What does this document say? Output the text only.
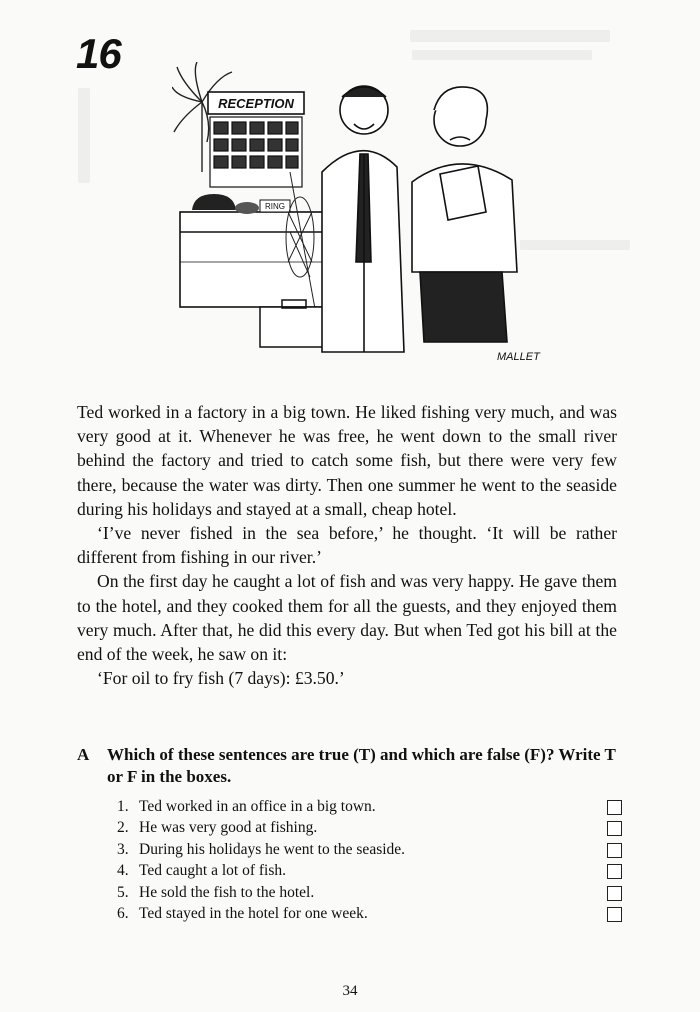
16
RECEPTION
RING
MALLET

Ted worked in a factory in a big town. He liked fishing very much, and was very good at it. Whenever he was free, he went down to the small river behind the factory and tried to catch some fish, but there were very few there, because the water was dirty. Then one summer he went to the seaside during his holidays and stayed at a small, cheap hotel.

‘I’ve never fished in the sea before,’ he thought. ‘It will be rather different from fishing in our river.’

On the first day he caught a lot of fish and was very happy. He gave them to the hotel, and they cooked them for all the guests, and they enjoyed them very much. After that, he did this every day. But when Ted got his bill at the end of the week, he saw on it:

‘For oil to fry fish (7 days): £3.50.’

A Which of these sentences are true (T) and which are false (F)? Write T or F in the boxes.
1. Ted worked in an office in a big town.
2. He was very good at fishing.
3. During his holidays he went to the seaside.
4. Ted caught a lot of fish.
5. He sold the fish to the hotel.
6. Ted stayed in the hotel for one week.
34
